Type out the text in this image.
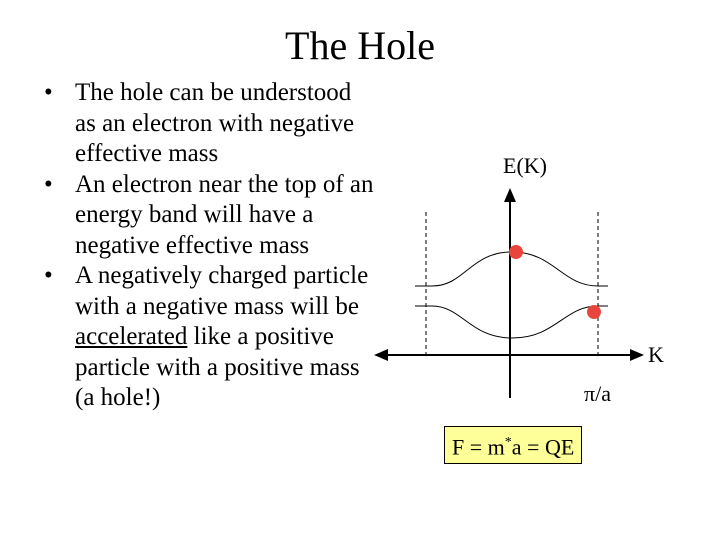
The Hole
• The hole can be understood as an electron with negative effective mass
• An electron near the top of an energy band will have a negative effective mass
• A negatively charged particle with a negative mass will be accelerated like a positive particle with a positive mass (a hole!)
E(K)
K
π/a
F = m*a = QE
